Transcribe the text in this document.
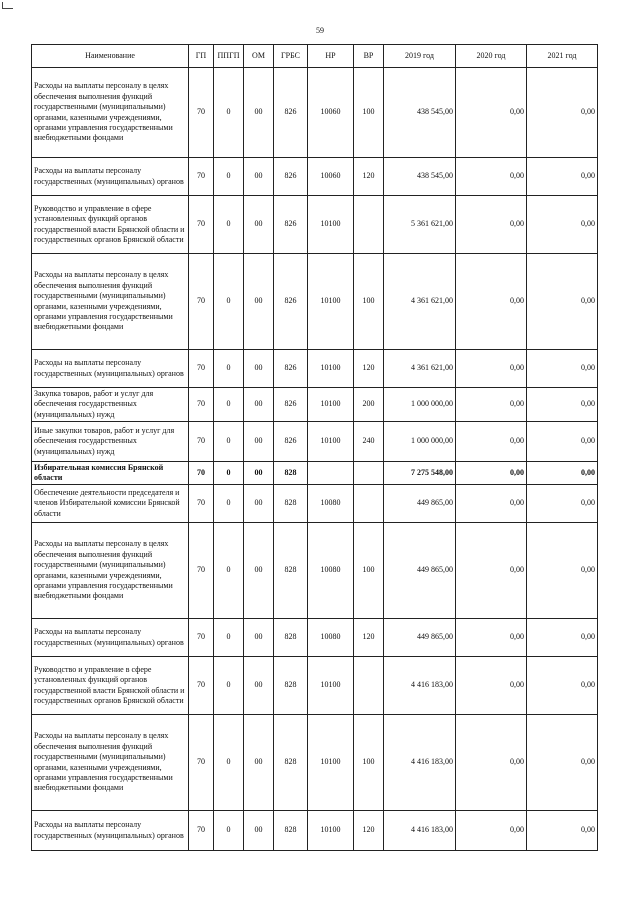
59
Наименование	ГП	ППГП	ОМ	ГРБС	НР	ВР	2019 год	2020 год	2021 год
Расходы на выплаты персоналу в целях обеспечения выполнения функций государственными (муниципальными) органами, казенными учреждениями, органами управления государственными внебюджетными фондами	70	0	00	826	10060	100	438 545,00	0,00	0,00
Расходы на выплаты персоналу государственных (муниципальных) органов	70	0	00	826	10060	120	438 545,00	0,00	0,00
Руководство и управление в сфере установленных функций органов государственной власти Брянской области и государственных органов Брянской области	70	0	00	826	10100		5 361 621,00	0,00	0,00
Расходы на выплаты персоналу в целях обеспечения выполнения функций государственными (муниципальными) органами, казенными учреждениями, органами управления государственными внебюджетными фондами	70	0	00	826	10100	100	4 361 621,00	0,00	0,00
Расходы на выплаты персоналу государственных (муниципальных) органов	70	0	00	826	10100	120	4 361 621,00	0,00	0,00
Закупка товаров, работ и услуг для обеспечения государственных (муниципальных) нужд	70	0	00	826	10100	200	1 000 000,00	0,00	0,00
Иные закупки товаров, работ и услуг для обеспечения государственных (муниципальных) нужд	70	0	00	826	10100	240	1 000 000,00	0,00	0,00
Избирательная комиссия Брянской области	70	0	00	828			7 275 548,00	0,00	0,00
Обеспечение деятельности председателя и членов Избирательной комиссии Брянской области	70	0	00	828	10080		449 865,00	0,00	0,00
Расходы на выплаты персоналу в целях обеспечения выполнения функций государственными (муниципальными) органами, казенными учреждениями, органами управления государственными внебюджетными фондами	70	0	00	828	10080	100	449 865,00	0,00	0,00
Расходы на выплаты персоналу государственных (муниципальных) органов	70	0	00	828	10080	120	449 865,00	0,00	0,00
Руководство и управление в сфере установленных функций органов государственной власти Брянской области и государственных органов Брянской области	70	0	00	828	10100		4 416 183,00	0,00	0,00
Расходы на выплаты персоналу в целях обеспечения выполнения функций государственными (муниципальными) органами, казенными учреждениями, органами управления государственными внебюджетными фондами	70	0	00	828	10100	100	4 416 183,00	0,00	0,00
Расходы на выплаты персоналу государственных (муниципальных) органов	70	0	00	828	10100	120	4 416 183,00	0,00	0,00
